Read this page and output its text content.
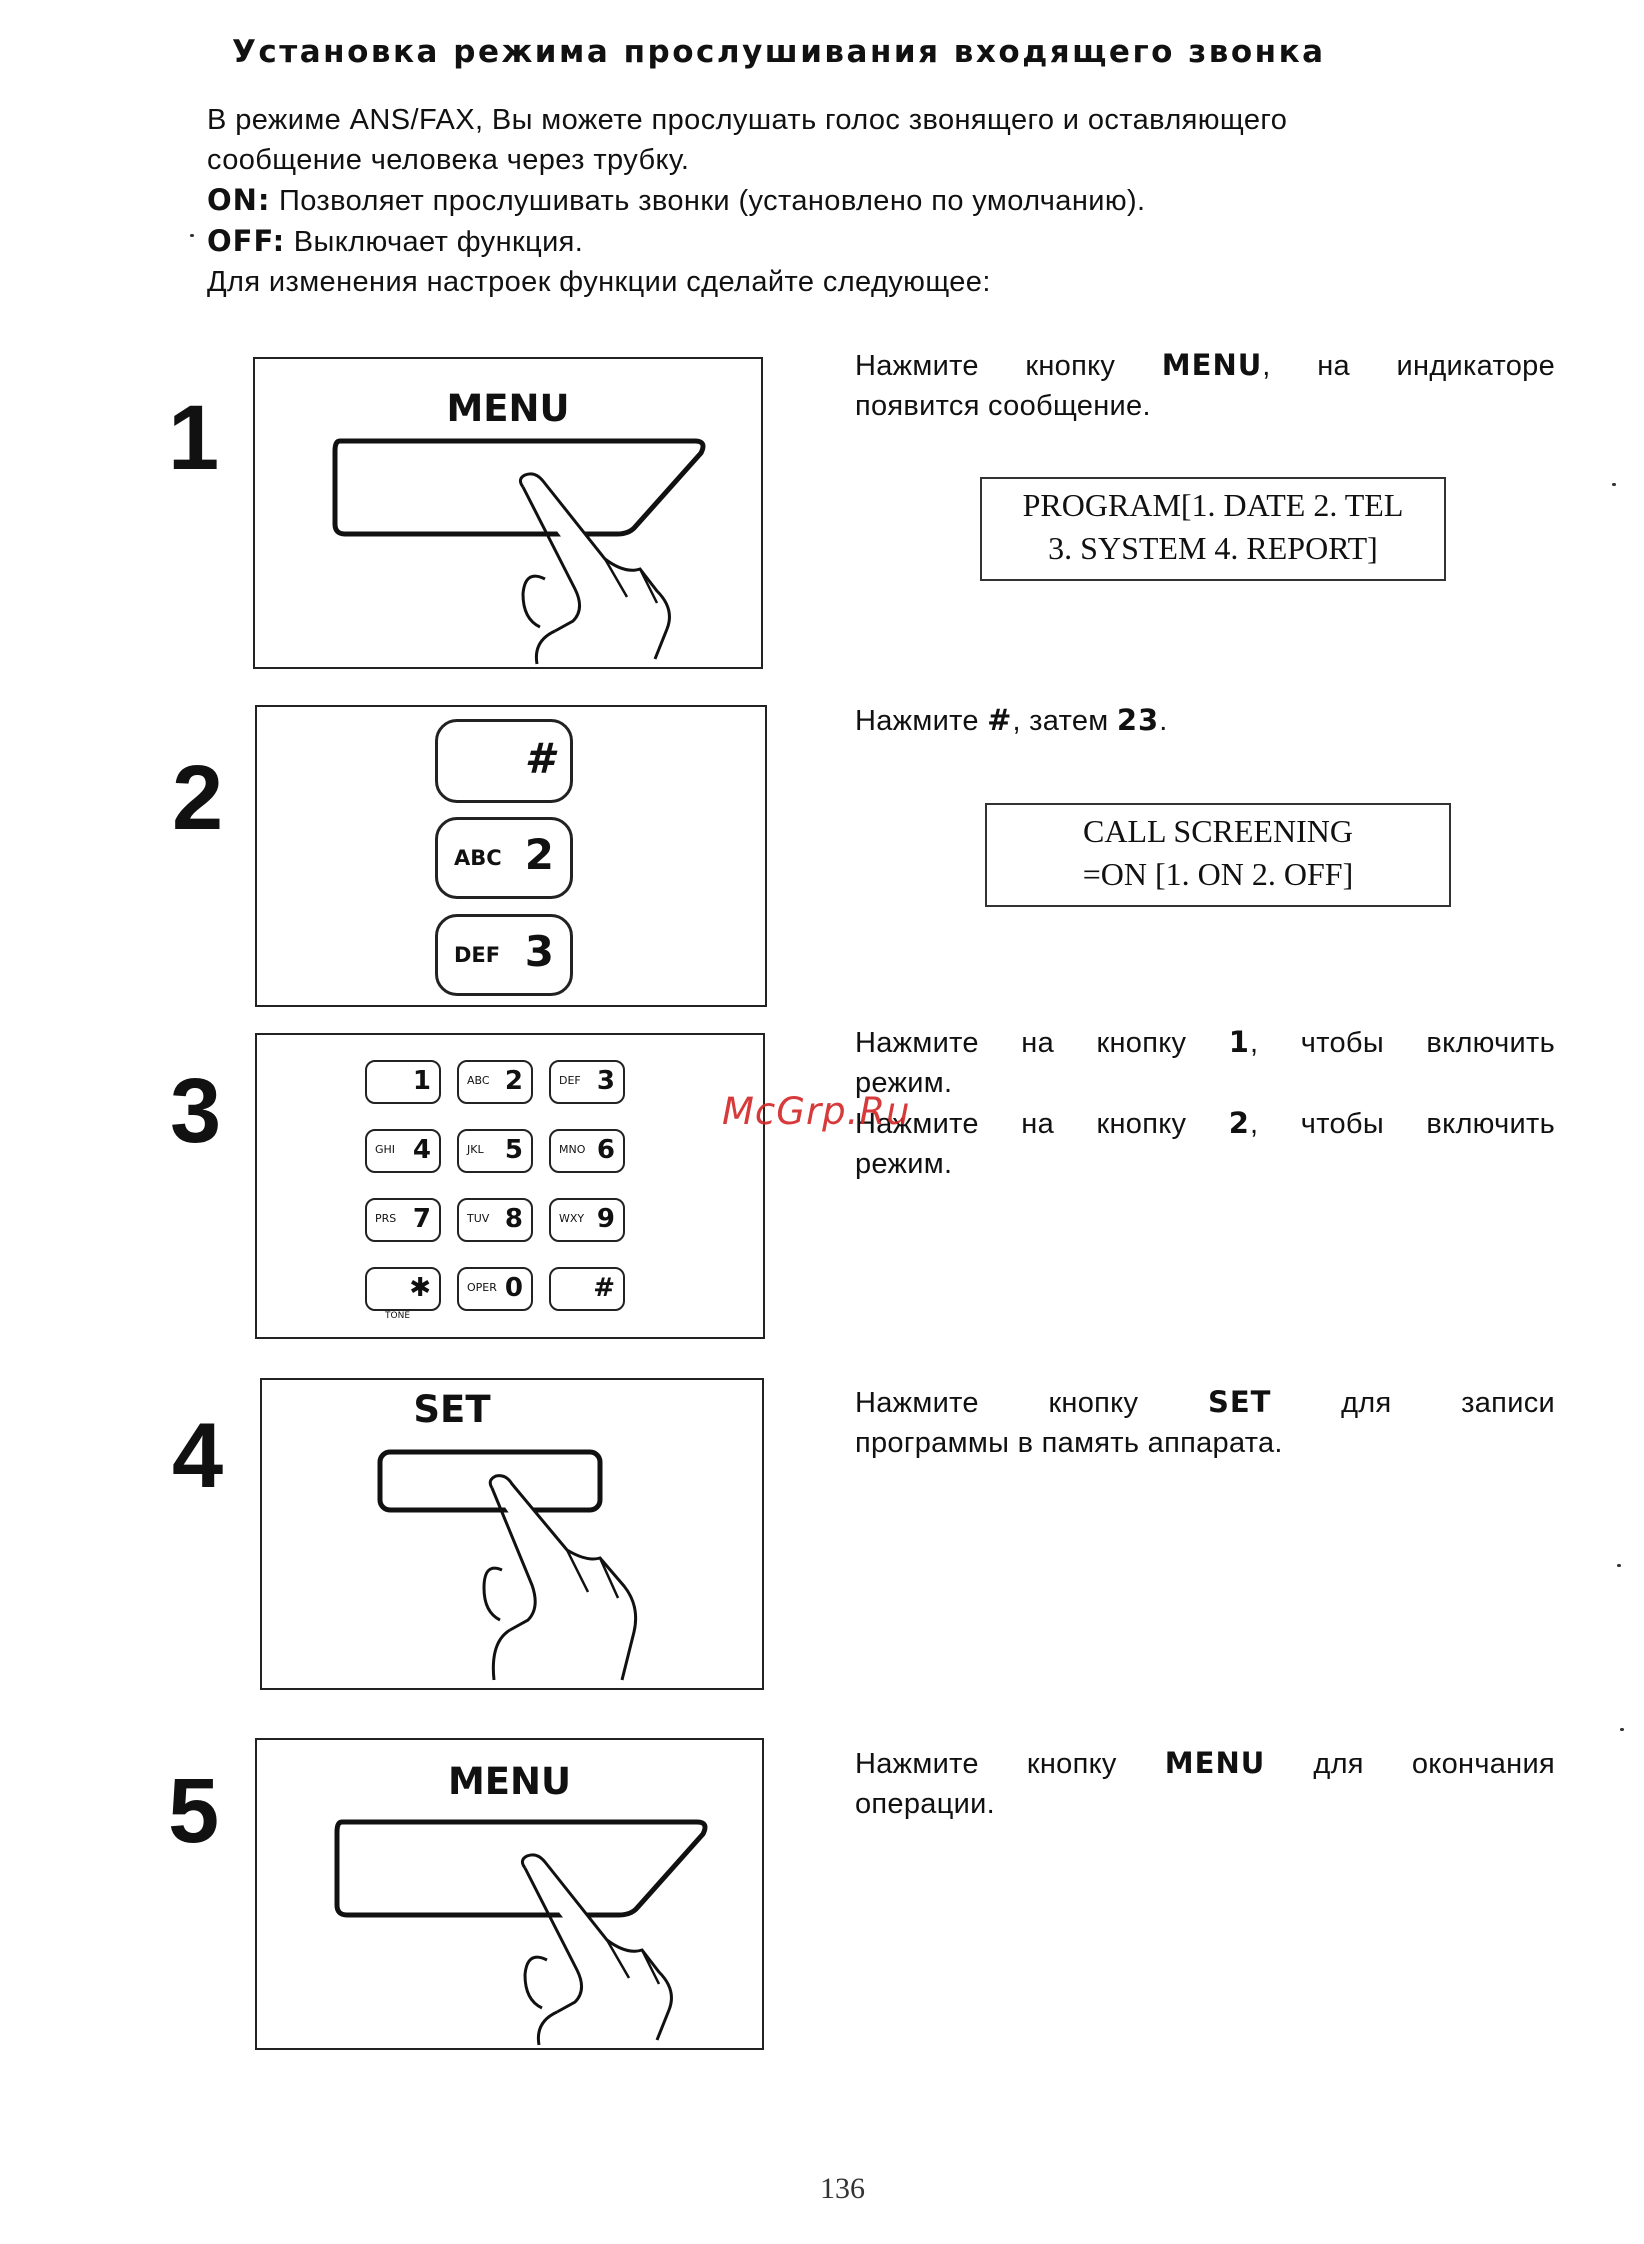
Установка режима прослушивания входящего звонка

В режиме ANS/FAX, Вы можете прослушать голос звонящего и оставляющего

сообщение человека через трубку.

ON: Позволяет прослушивать звонки (установлено по умолчанию).

OFF: Выключает функция.

Для изменения настроек функции сделайте следующее:

1	MENU
Нажмите кнопку MENU, на индикаторе
появится сообщение.
PROGRAM[1. DATE 2. TEL
3. SYSTEM 4. REPORT]
2	#
ABC 2
DEF 3
Нажмите #, затем 23.
CALL SCREENING
=ON [1. ON 2. OFF]
3	1	ABC 2	DEF 3
GHI 4	JKL 5	MNO 6
PRS 7	TUV 8	WXY 9
✱	OPER 0	#
TONE
Нажмите на кнопку 1, чтобы включить
режим.
Нажмите на кнопку 2, чтобы включить
режим.
4	SET	Нажмите кнопку SET для записи
программы в память аппарата.
5	MENU	Нажмите кнопку MENU для окончания
операции.
McGrp.Ru
136
